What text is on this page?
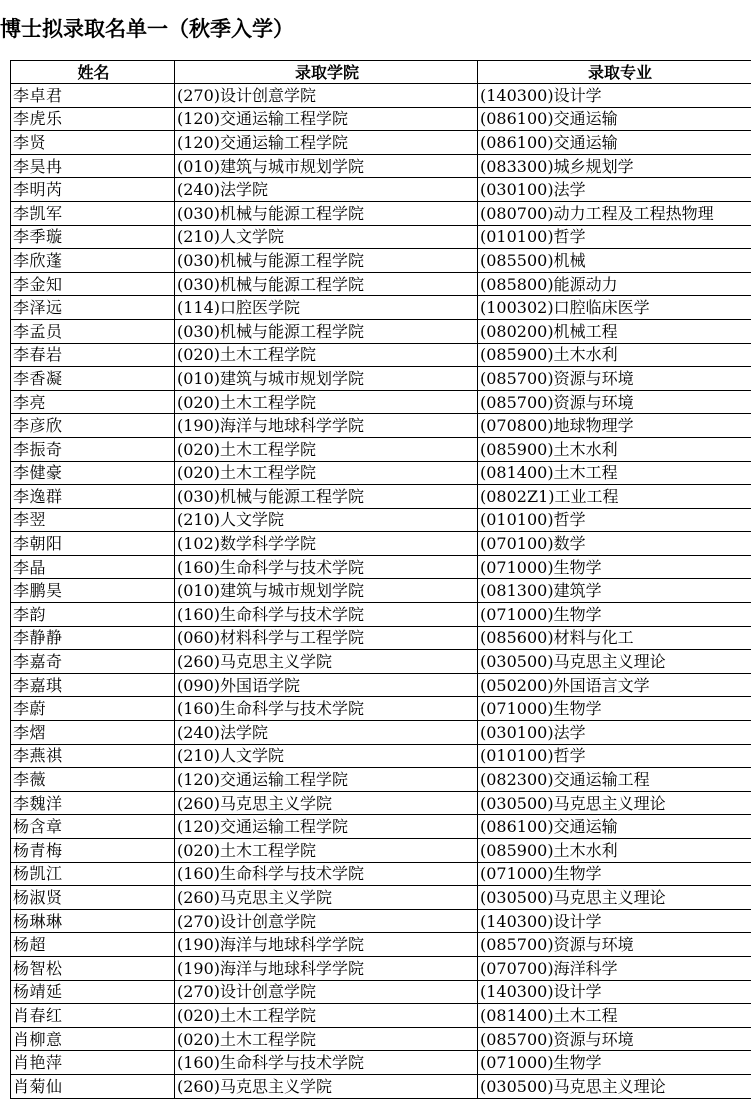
博士拟录取名单一（秋季入学）
姓名	录取学院	录取专业
李卓君	(270)设计创意学院	(140300)设计学
李虎乐	(120)交通运输工程学院	(086100)交通运输
李贤	(120)交通运输工程学院	(086100)交通运输
李昊冉	(010)建筑与城市规划学院	(083300)城乡规划学
李明芮	(240)法学院	(030100)法学
李凯军	(030)机械与能源工程学院	(080700)动力工程及工程热物理
李季璇	(210)人文学院	(010100)哲学
李欣蓬	(030)机械与能源工程学院	(085500)机械
李金知	(030)机械与能源工程学院	(085800)能源动力
李泽远	(114)口腔医学院	(100302)口腔临床医学
李孟员	(030)机械与能源工程学院	(080200)机械工程
李春岩	(020)土木工程学院	(085900)土木水利
李香凝	(010)建筑与城市规划学院	(085700)资源与环境
李亮	(020)土木工程学院	(085700)资源与环境
李彦欣	(190)海洋与地球科学学院	(070800)地球物理学
李振奇	(020)土木工程学院	(085900)土木水利
李健豪	(020)土木工程学院	(081400)土木工程
李逸群	(030)机械与能源工程学院	(0802Z1)工业工程
李翌	(210)人文学院	(010100)哲学
李朝阳	(102)数学科学学院	(070100)数学
李晶	(160)生命科学与技术学院	(071000)生物学
李鹏昊	(010)建筑与城市规划学院	(081300)建筑学
李韵	(160)生命科学与技术学院	(071000)生物学
李静静	(060)材料科学与工程学院	(085600)材料与化工
李嘉奇	(260)马克思主义学院	(030500)马克思主义理论
李嘉琪	(090)外国语学院	(050200)外国语言文学
李蔚	(160)生命科学与技术学院	(071000)生物学
李熠	(240)法学院	(030100)法学
李燕祺	(210)人文学院	(010100)哲学
李薇	(120)交通运输工程学院	(082300)交通运输工程
李魏洋	(260)马克思主义学院	(030500)马克思主义理论
杨含章	(120)交通运输工程学院	(086100)交通运输
杨青梅	(020)土木工程学院	(085900)土木水利
杨凯江	(160)生命科学与技术学院	(071000)生物学
杨淑贤	(260)马克思主义学院	(030500)马克思主义理论
杨琳琳	(270)设计创意学院	(140300)设计学
杨超	(190)海洋与地球科学学院	(085700)资源与环境
杨智松	(190)海洋与地球科学学院	(070700)海洋科学
杨靖延	(270)设计创意学院	(140300)设计学
肖春红	(020)土木工程学院	(081400)土木工程
肖柳意	(020)土木工程学院	(085700)资源与环境
肖艳萍	(160)生命科学与技术学院	(071000)生物学
肖菊仙	(260)马克思主义学院	(030500)马克思主义理论
